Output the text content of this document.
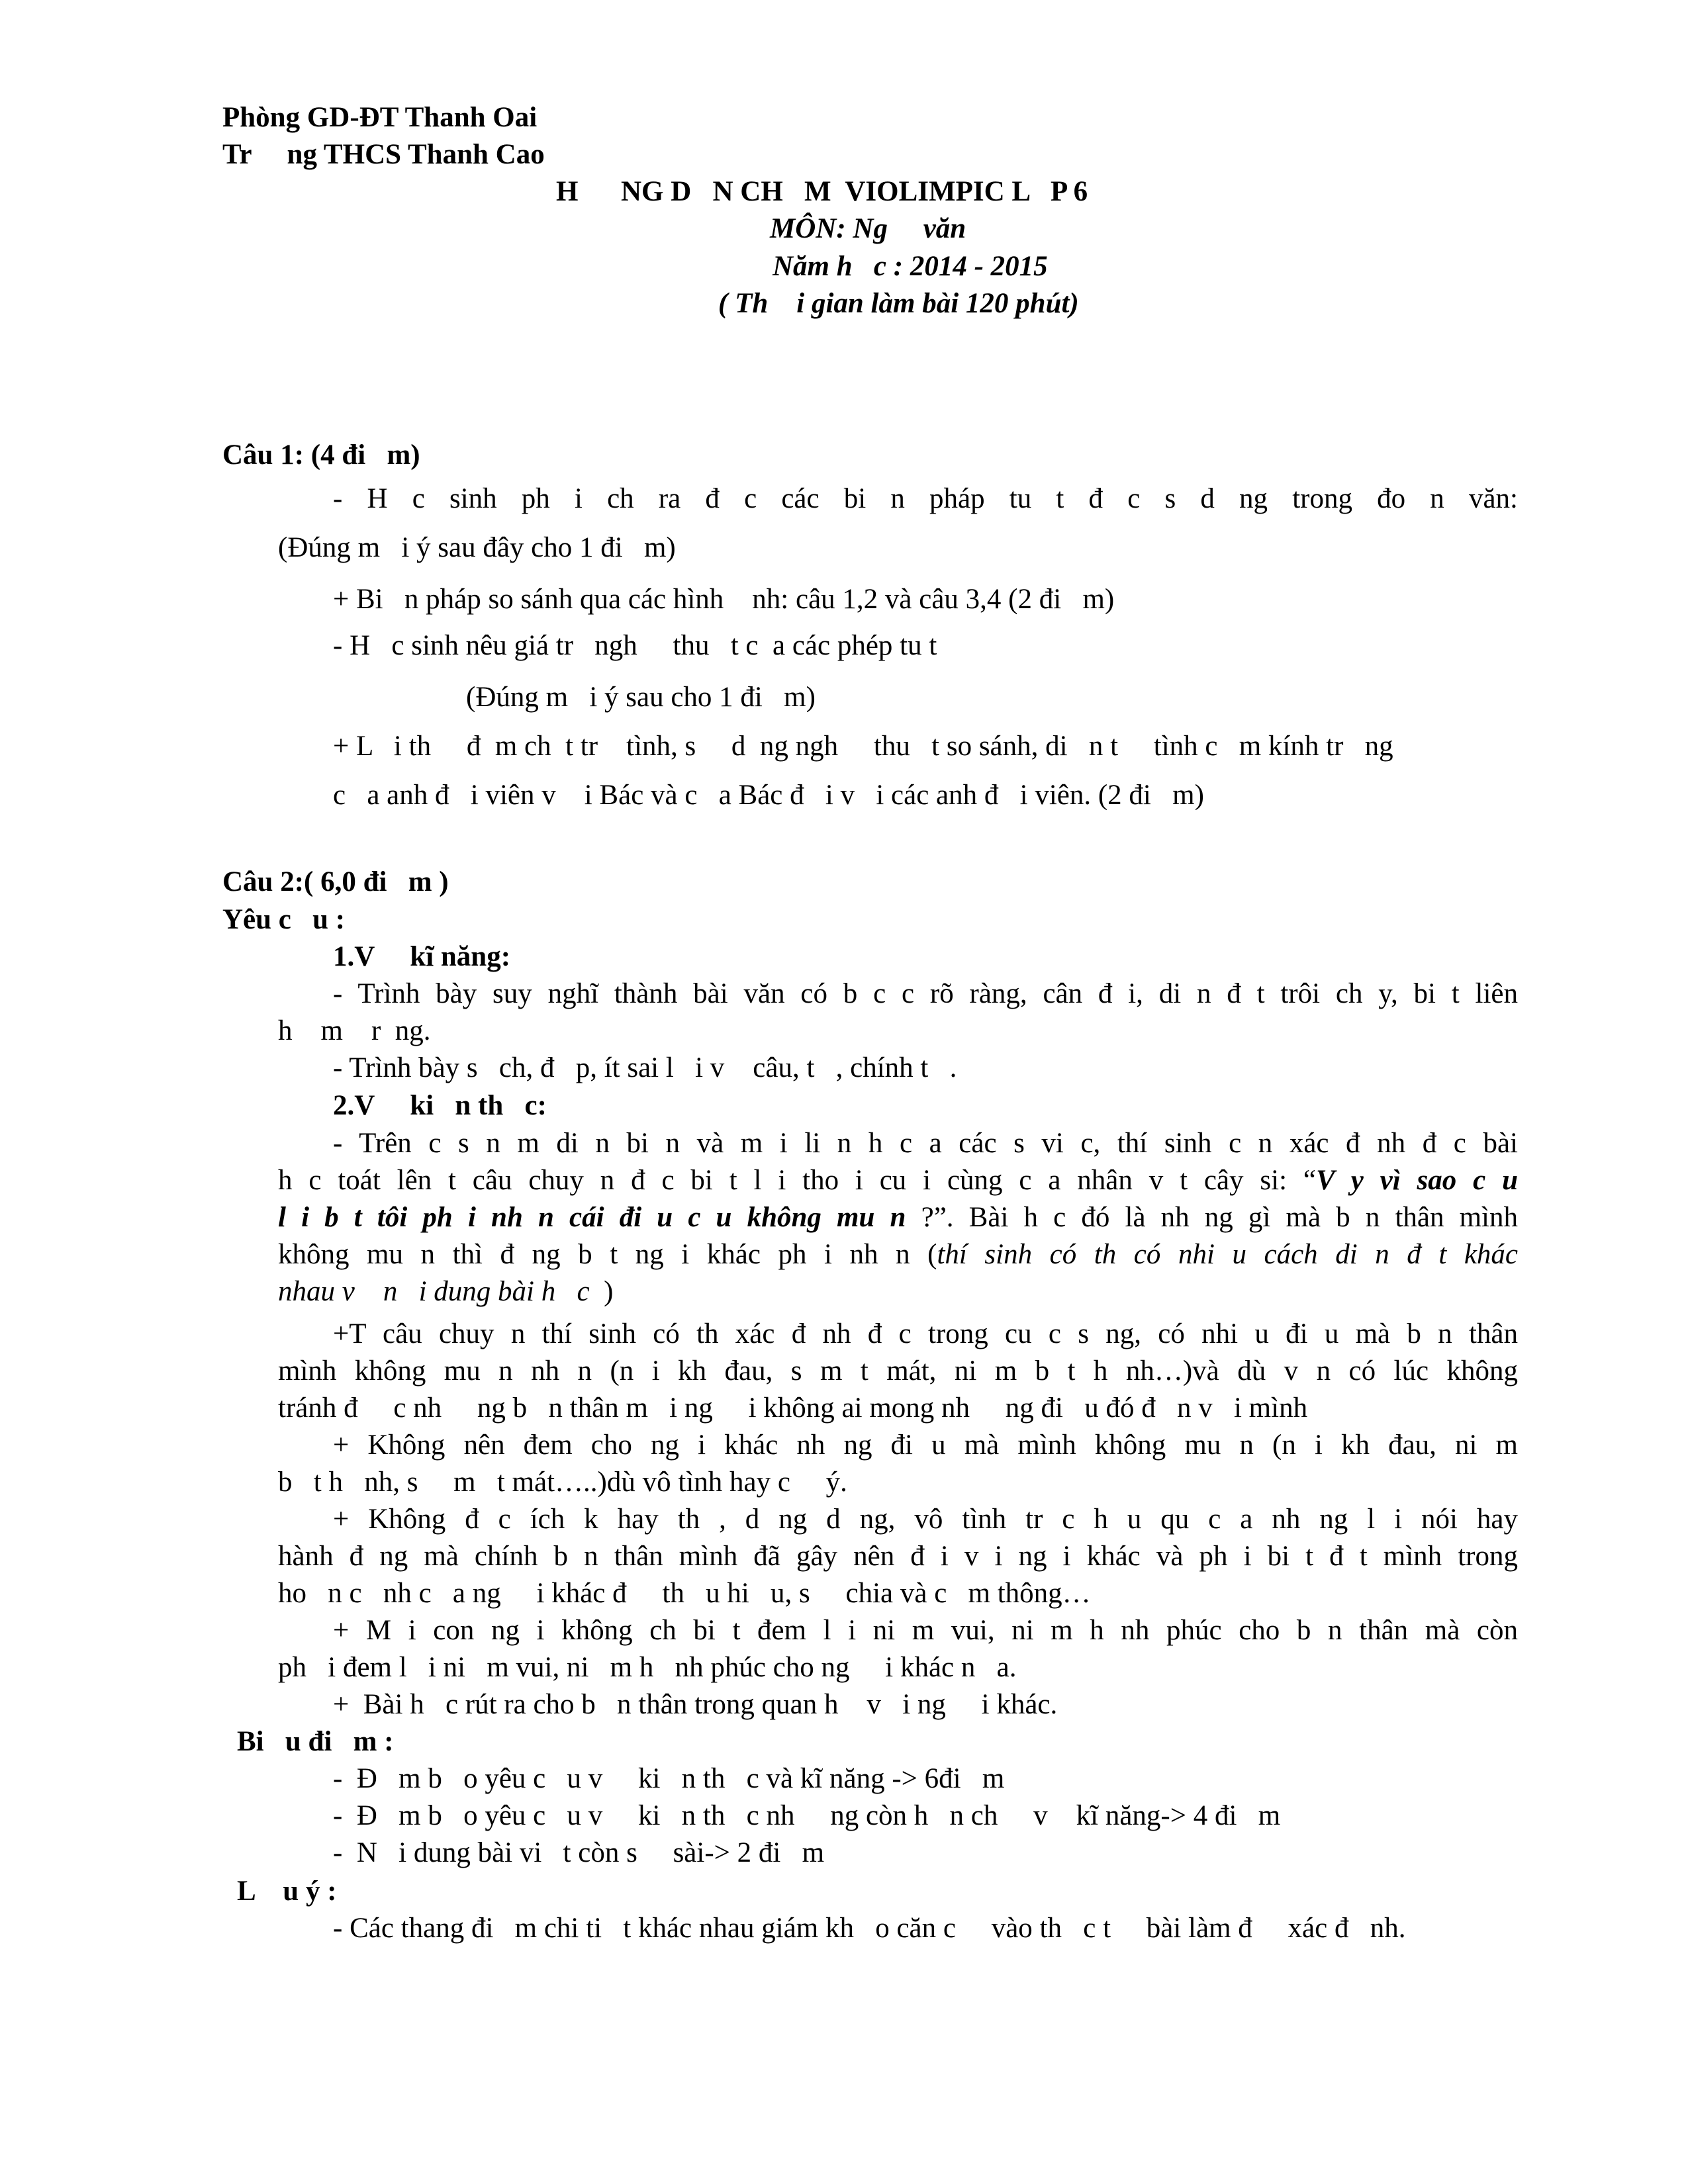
Phòng GD-ĐT Thanh Oai
Tr     ng THCS Thanh Cao
H      NG D   N CH   M  VIOLIMPIC L   P 6
MÔN: Ng     văn
Năm h   c : 2014 - 2015
( Th    i gian làm bài 120 phút)
Câu 1: (4 đi   m)
- H c sinh ph i ch ra đ c các bi n pháp tu t đ c s d ng trong đo n văn:
(Đúng m   i ý sau đây cho 1 đi   m)
+ Bi   n pháp so sánh qua các hình    nh: câu 1,2 và câu 3,4 (2 đi   m)
- H   c sinh nêu giá tr   ngh     thu   t c  a các phép tu t
(Đúng m   i ý sau cho 1 đi   m)
+ L   i th     đ  m ch  t tr    tình, s     d  ng ngh     thu   t so sánh, di   n t     tình c   m kính tr   ng
c   a anh đ   i viên v    i Bác và c   a Bác đ   i v   i các anh đ   i viên. (2 đi   m)
Câu 2:( 6,0 đi   m )
Yêu c   u :
1.V     kĩ năng:
- Trình bày suy nghĩ thành bài văn có b c c rõ ràng, cân đ i, di n đ t trôi ch y, bi t liên
h    m    r  ng.
- Trình bày s   ch, đ   p, ít sai l   i v    câu, t   , chính t   .
2.V     ki   n th   c:
- Trên c s n m di n bi n và m i li n h c a các s vi c, thí sinh c n xác đ nh đ c bài
h c toát lên t câu chuy n đ c bi t l i tho i cu i cùng c a nhân v t cây si: “V y vì sao c u
l i b t tôi ph i nh n cái đi u c u không mu n ?”. Bài h c đó là nh ng gì mà b n thân mình
không mu n thì đ ng b t ng i khác ph i nh n (thí sinh có th có nhi u cách di n đ t khác
nhau v    n   i dung bài h   c  )
+T câu chuy n thí sinh có th xác đ nh đ c trong cu c s ng, có nhi u đi u mà b n thân
mình không mu n nh n (n i kh đau, s m t mát, ni m b t h nh…)và dù v n có lúc không
tránh đ     c nh     ng b   n thân m   i ng     i không ai mong nh     ng đi   u đó đ   n v   i mình
+ Không nên đem cho ng i khác nh ng đi u mà mình không mu n (n i kh đau, ni m
b   t h   nh, s     m   t mát…..)dù vô tình hay c     ý.
+ Không đ c ích k hay th , d ng d ng, vô tình tr c h u qu c a nh ng l i nói hay
hành đ ng mà chính b n thân mình đã gây nên đ i v i ng i khác và ph i bi t đ t mình trong
ho   n c   nh c   a ng     i khác đ     th   u hi   u, s     chia và c   m thông…
+ M i con ng i không ch bi t đem l i ni m vui, ni m h nh phúc cho b n thân mà còn
ph   i đem l   i ni   m vui, ni   m h   nh phúc cho ng     i khác n   a.
+  Bài h   c rút ra cho b   n thân trong quan h    v   i ng     i khác.
Bi   u đi   m :
-  Đ   m b   o yêu c   u v     ki   n th   c và kĩ năng -> 6đi   m
-  Đ   m b   o yêu c   u v     ki   n th   c nh     ng còn h   n ch     v    kĩ năng-> 4 đi   m
-  N   i dung bài vi   t còn s     sài-> 2 đi   m
L    u ý :
- Các thang đi   m chi ti   t khác nhau giám kh   o căn c     vào th   c t     bài làm đ     xác đ   nh.
